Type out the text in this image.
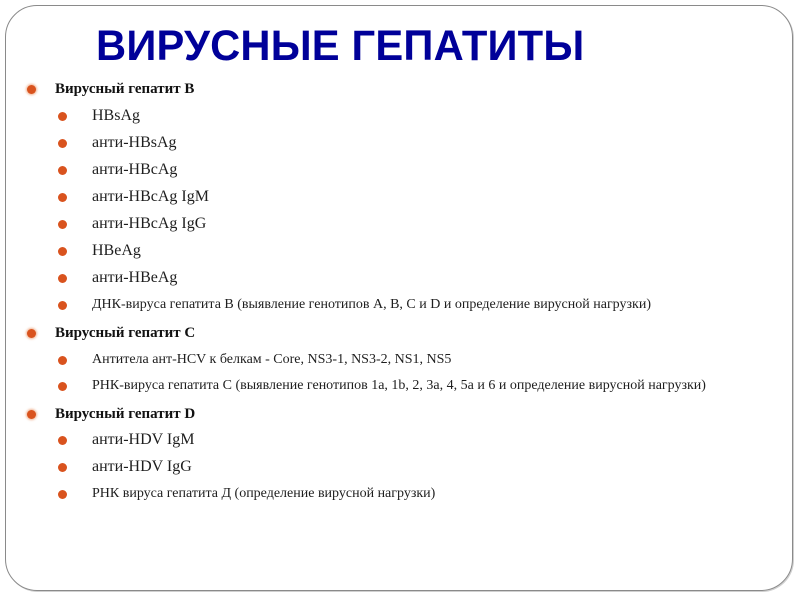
ВИРУСНЫЕ ГЕПАТИТЫ
Вирусный гепатит B
HBsAg
анти-HBsAg
анти-HBcAg
анти-HBcAg IgM
анти-HBcAg IgG
HBeAg
анти-HBeAg
ДНК-вируса гепатита В (выявление генотипов A, B, C и D и определение вирусной нагрузки)
Вирусный гепатит С
Антитела ант-HCV к белкам - Core, NS3-1, NS3-2, NS1, NS5
РНК-вируса гепатита С (выявление генотипов 1a, 1b, 2, 3a, 4, 5a и 6 и определение вирусной нагрузки)
Вирусный гепатит D
анти-HDV IgM
анти-HDV IgG
РНК вируса гепатита Д (определение вирусной нагрузки)
